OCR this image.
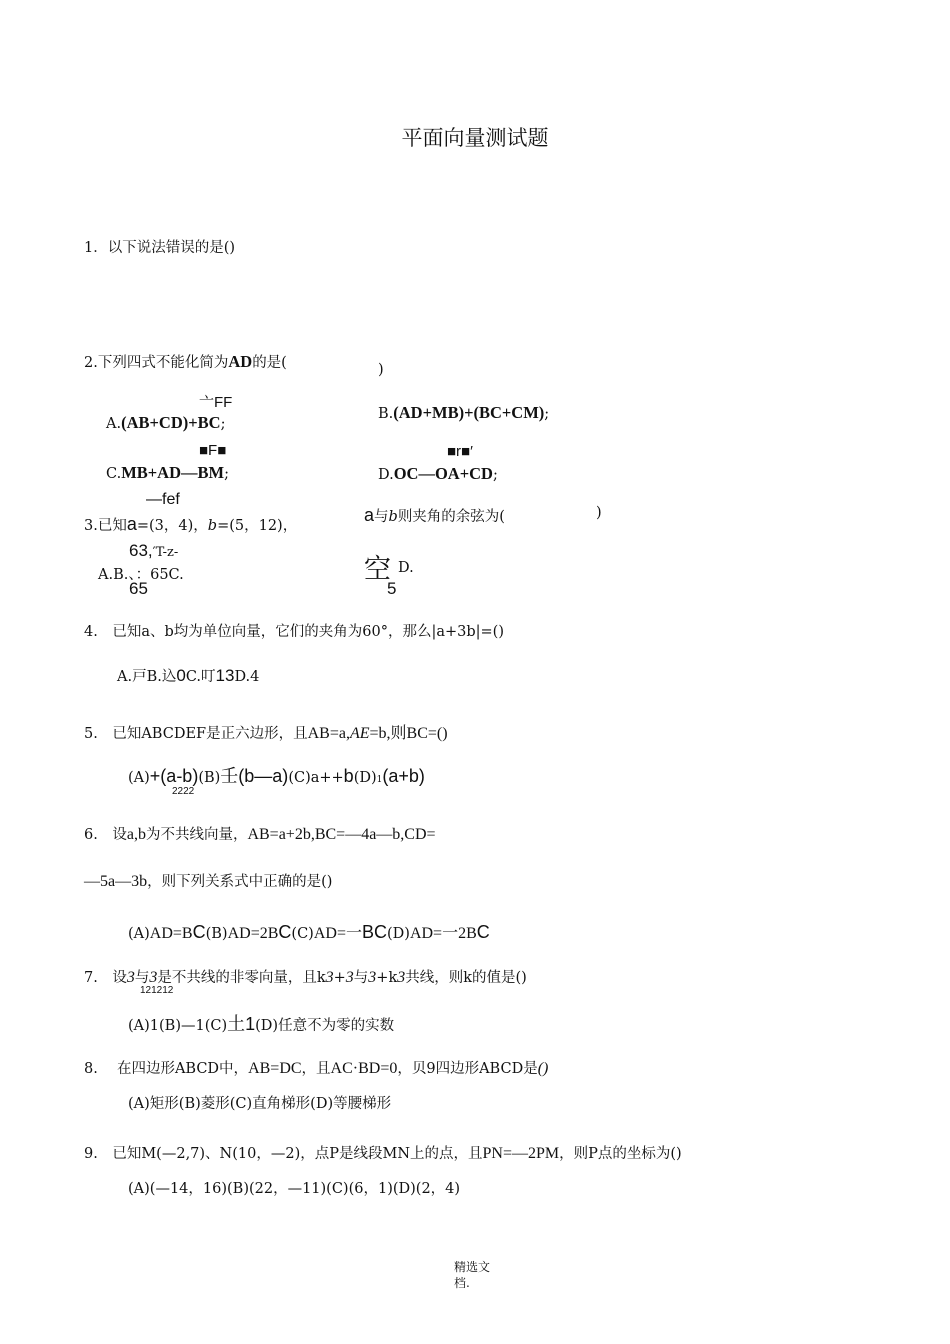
平面向量测试题
1．以下说法错误的是()
2.下列四式不能化简为AD的是(	)
亠FF
A.(AB+CD)+BC;
B.(AD+MB)+(BC+CM);
■F■
C.MB+AD—BM;
■r■′
D.OC—OA+CD;
—fef
3.已知a=(3，4)，b=(5，12)，
a与b则夹角的余弦为(	)
63,′T-z-
A.B.、：65C.
65
空 D.
5
4.　已知a、b均为单位向量，它们的夹角为60°，那么|a+3b|=()
A.戸B.込0C.叮13D.4
5.　已知ABCDEF是正六边形，且AB=a,AE=b,则BC=()
(A)+(a-b)(B)壬(b—a)(C)a++b(D)1(a+b)
2222
6.　设a,b为不共线向量，AB=a+2b,BC=—4a—b,CD=
—5a—3b，则下列关系式中正确的是()
(A)AD=BC(B)AD=2BC(C)AD=一BC(D)AD=一2BC
7.　设3与3是不共线的非零向量，且k3+3与3+k3共线，则k的值是()
121212
(A)1(B)—1(C)土1(D)任意不为零的实数
8.　 在四边形ABCD中，AB=DC，且AC·BD=0，贝9四边形ABCD是()
(A)矩形(B)菱形(C)直角梯形(D)等腰梯形
9.　已知M(—2,7)、N(10，—2)，点P是线段MN上的点，且PN=—2PM，则P点的坐标为()
(A)(—14，16)(B)(22，—11)(C)(6，1)(D)(2，4)
精选文
档.
